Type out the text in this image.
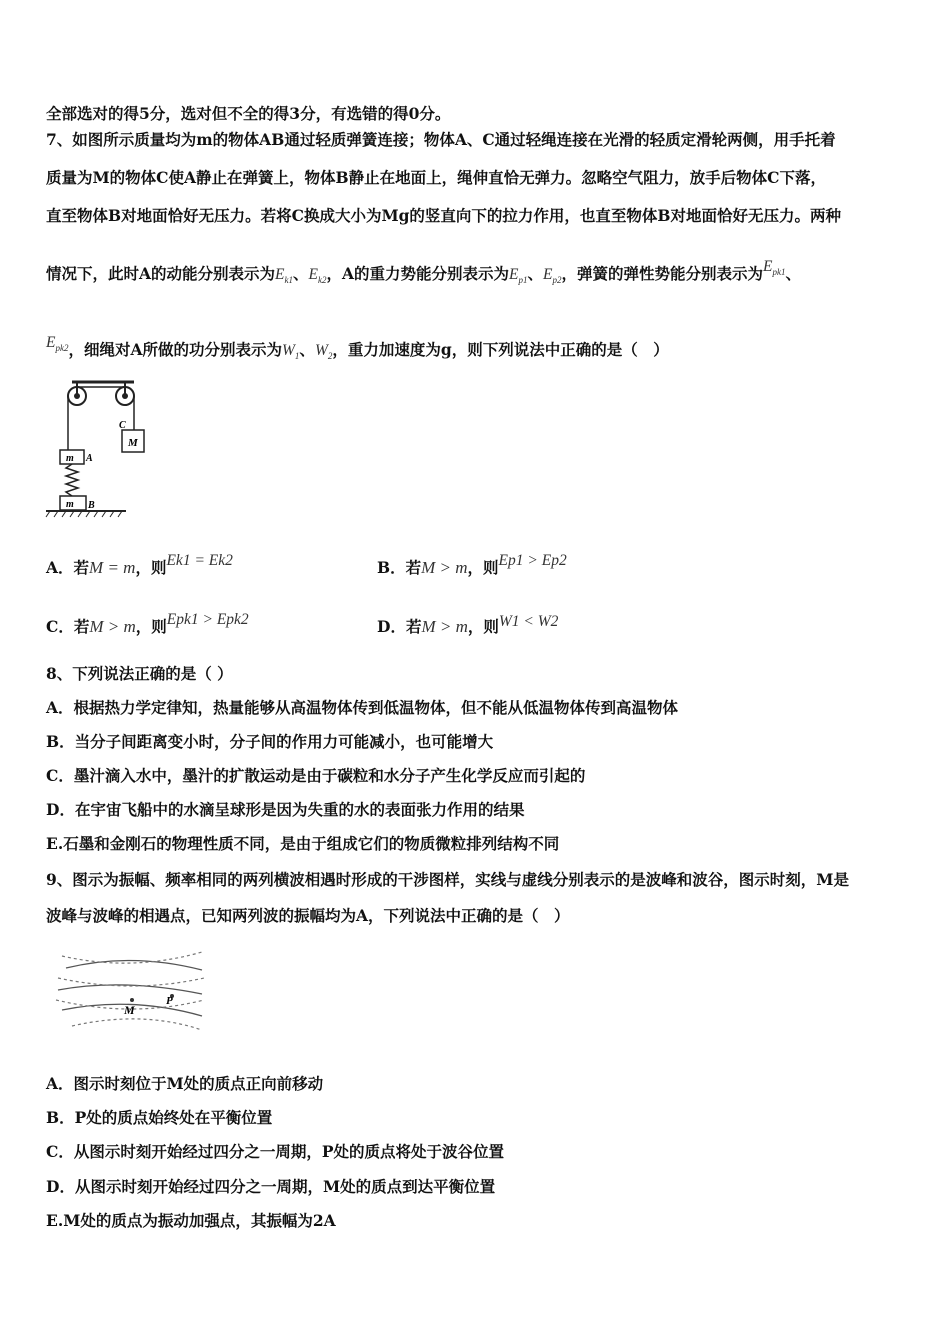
全部选对的得5分，选对但不全的得3分，有选错的得0分。
7、如图所示质量均为m的物体AB通过轻质弹簧连接；物体A、C通过轻绳连接在光滑的轻质定滑轮两侧，用手托着
质量为M的物体C使A静止在弹簧上，物体B静止在地面上，绳伸直恰无弹力。忽略空气阻力，放手后物体C下落，
直至物体B对地面恰好无压力。若将C换成大小为Mg的竖直向下的拉力作用，也直至物体B对地面恰好无压力。两种
情况下，此时A的动能分别表示为$E_{k1}$、$E_{k2}$，A的重力势能分别表示为$E_{p1}$、$E_{p2}$，弹簧的弹性势能分别表示为$E_{pk1}$、
$E_{pk2}$，细绳对A所做的功分别表示为$W_1$、$W_2$，重力加速度为g，则下列说法中正确的是（　）
M
C
m A
m B
A．若M = m，则Ek1 = Ek2	B．若M > m，则Ep1 > Ep2
C．若M > m，则Epk1 > Epk2	D．若M > m，则W1 < W2
8、下列说法正确的是（ ）
A．根据热力学定律知，热量能够从高温物体传到低温物体，但不能从低温物体传到高温物体
B．当分子间距离变小时，分子间的作用力可能减小，也可能增大
C．墨汁滴入水中，墨汁的扩散运动是由于碳粒和水分子产生化学反应而引起的
D．在宇宙飞船中的水滴呈球形是因为失重的水的表面张力作用的结果
E.石墨和金刚石的物理性质不同，是由于组成它们的物质微粒排列结构不同
9、图示为振幅、频率相同的两列横波相遇时形成的干涉图样，实线与虚线分别表示的是波峰和波谷，图示时刻，M是
波峰与波峰的相遇点，已知两列波的振幅均为A，下列说法中正确的是（　）
M
P
A．图示时刻位于M处的质点正向前移动
B．P处的质点始终处在平衡位置
C．从图示时刻开始经过四分之一周期，P处的质点将处于波谷位置
D．从图示时刻开始经过四分之一周期，M处的质点到达平衡位置
E.M处的质点为振动加强点，其振幅为2A
